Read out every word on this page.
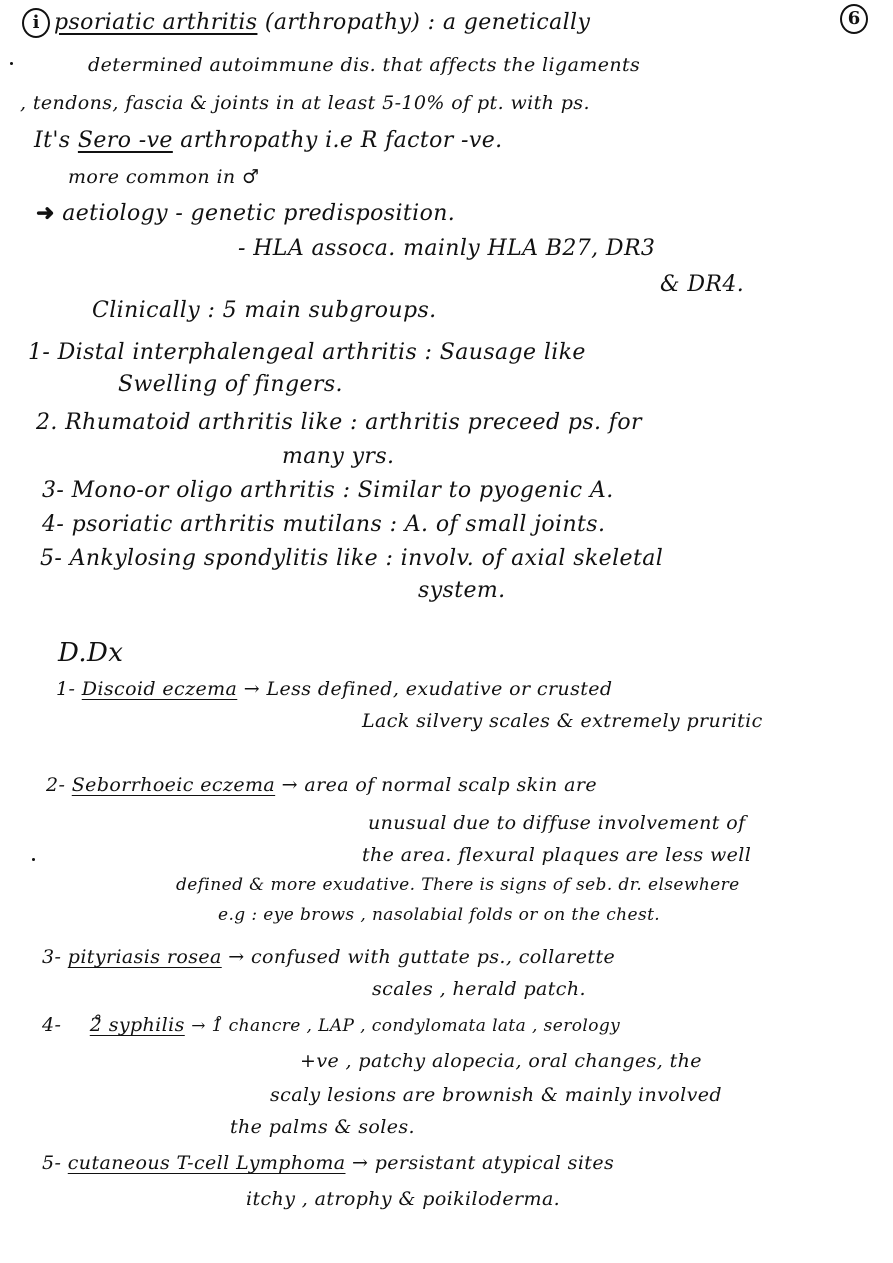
i	6
psoriatic arthritis (arthropathy) : a genetically
determined autoimmune dis. that affects the ligaments
, tendons, fascia & joints in at least 5-10% of pt. with ps.
It's Sero -ve arthropathy i.e R factor -ve.
more common in ♂
➜ aetiology - genetic predisposition.
- HLA assoca. mainly HLA B27, DR3
& DR4.
Clinically : 5 main subgroups.
1- Distal interphalengeal arthritis : Sausage like
Swelling of fingers.
2. Rhumatoid arthritis like : arthritis preceed ps. for
many yrs.
3- Mono-or oligo arthritis : Similar to pyogenic A.
4- psoriatic arthritis mutilans : A. of small joints.
5- Ankylosing spondylitis like : involv. of axial skeletal
system.
D.Dx
1- Discoid eczema → Less defined, exudative or crusted
Lack silvery scales & extremely pruritic
2- Seborrhoeic eczema → area of normal scalp skin are
unusual due to diffuse involvement of
the area. flexural plaques are less well
defined & more exudative. There is signs of seb. dr. elsewhere
e.g : eye brows , nasolabial folds or on the chest.
3- pityriasis rosea → confused with guttate ps., collarette
scales , herald patch.
4- 2̊ syphilis → 1̊ chancre , LAP , condylomata lata , serology
+ve , patchy alopecia, oral changes, the
scaly lesions are brownish & mainly involved
the palms & soles.
5- cutaneous T-cell Lymphoma → persistant atypical sites
itchy , atrophy & poikiloderma.
